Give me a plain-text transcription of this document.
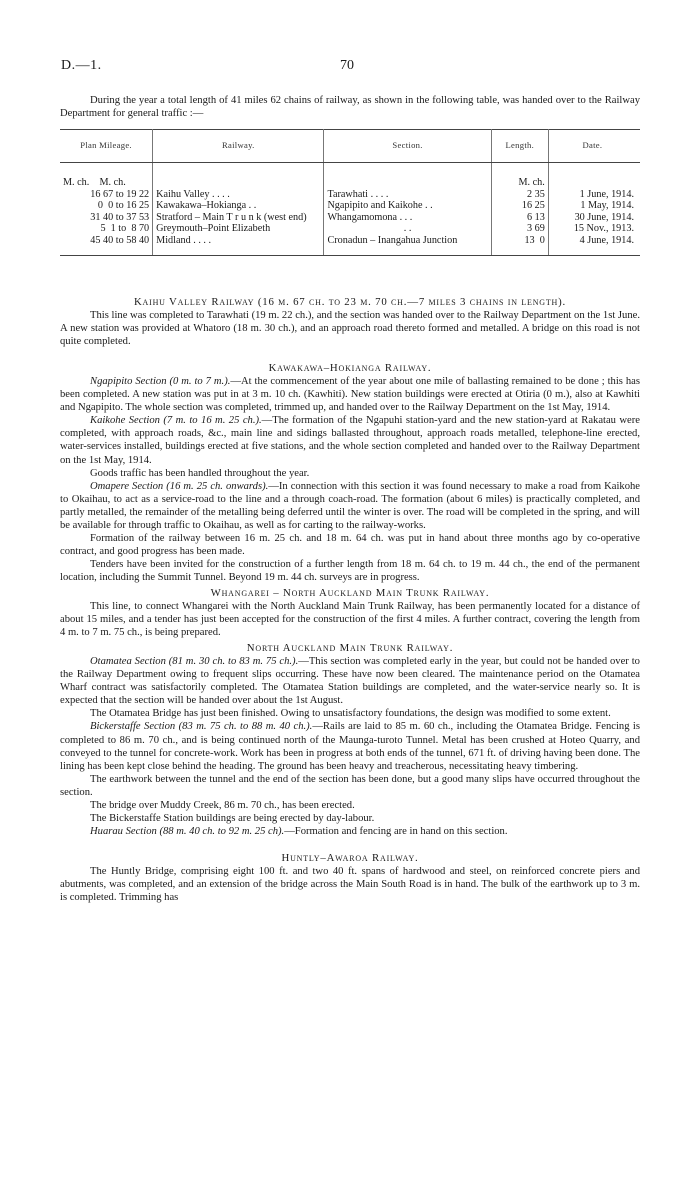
D.—1.	70

During the year a total length of 41 miles 62 chains of railway, as shown in the following table, was handed over to the Railway Department for general traffic :—

Plan Mileage.	Railway.	Section.	Length.	Date.
M. ch.    M. ch.			M. ch.	
16 67 to 19 22	Kaihu Valley . . . .	Tarawhati . . . .	2 35	1 June, 1914.
0  0 to 16 25	Kawakawa–Hokianga . .	Ngapipito and Kaikohe . .	16 25	1 May, 1914.
31 40 to 37 53	Stratford – Main T r u n k (west end)	Whangamomona . . .	6 13	30 June, 1914.
5  1 to  8 70	Greymouth–Point Elizabeth	. .	3 69	15 Nov., 1913.
45 40 to 58 40	Midland . . . .	Cronadun – Inangahua Junction	13  0	4 June, 1914.

Kaihu Valley Railway (16 m. 67 ch. to 23 m. 70 ch.—7 miles 3 chains in length).

This line was completed to Tarawhati (19 m. 22 ch.), and the section was handed over to the Railway Department on the 1st June. A new station was provided at Whatoro (18 m. 30 ch.), and an approach road thereto formed and metalled. A bridge on this road is not quite completed.

Kawakawa–Hokianga Railway.

Ngapipito Section (0 m. to 7 m.).—At the commencement of the year about one mile of ballasting remained to be done ; this has been completed. A new station was put in at 3 m. 10 ch. (Kawhiti). New station buildings were erected at Otiria (0 m.), also at Kawhiti and Ngapipito. The whole section was completed, trimmed up, and handed over to the Railway Department on the 1st May, 1914.

Kaikohe Section (7 m. to 16 m. 25 ch.).—The formation of the Ngapuhi station-yard and the new station-yard at Rakatau were completed, with approach roads, &c., main line and sidings ballasted throughout, approach roads metalled, telephone-line erected, water-services installed, buildings erected at five stations, and the whole section completed and handed over to the Railway Department on the 1st May, 1914.

Goods traffic has been handled throughout the year.

Omapere Section (16 m. 25 ch. onwards).—In connection with this section it was found necessary to make a road from Kaikohe to Okaihau, to act as a service-road to the line and a through coach-road. The formation (about 6 miles) is practically completed, and partly metalled, the remainder of the metalling being deferred until the winter is over. The road will be completed in the spring, and will be available for through traffic to Okaihau, as well as for carting to the railway-works.

Formation of the railway between 16 m. 25 ch. and 18 m. 64 ch. was put in hand about three months ago by co-operative contract, and good progress has been made.

Tenders have been invited for the construction of a further length from 18 m. 64 ch. to 19 m. 44 ch., the end of the permanent location, including the Summit Tunnel. Beyond 19 m. 44 ch. surveys are in progress.

Whangarei – North Auckland Main Trunk Railway.

This line, to connect Whangarei with the North Auckland Main Trunk Railway, has been permanently located for a distance of about 15 miles, and a tender has just been accepted for the construction of the first 4 miles. A further contract, covering the length from 4 m. to 7 m. 75 ch., is being prepared.

North Auckland Main Trunk Railway.

Otamatea Section (81 m. 30 ch. to 83 m. 75 ch.).—This section was completed early in the year, but could not be handed over to the Railway Department owing to frequent slips occurring. These have now been cleared. The maintenance period on the Otamatea Wharf contract was satisfactorily completed. The Otamatea Station buildings are completed, and the water-service nearly so. It is expected that the section will be handed over about the 1st August.

The Otamatea Bridge has just been finished. Owing to unsatisfactory foundations, the design was modified to some extent.

Bickerstaffe Section (83 m. 75 ch. to 88 m. 40 ch.).—Rails are laid to 85 m. 60 ch., including the Otamatea Bridge. Fencing is completed to 86 m. 70 ch., and is being continued north of the Maunga-turoto Tunnel. Metal has been crushed at Hoteo Quarry, and conveyed to the tunnel for concrete-work. Work has been in progress at both ends of the tunnel, 671 ft. of driving having been done. The lining has been kept close behind the heading. The ground has been heavy and treacherous, necessitating heavy timbering.

The earthwork between the tunnel and the end of the section has been done, but a good many slips have occurred throughout the section.

The bridge over Muddy Creek, 86 m. 70 ch., has been erected.

The Bickerstaffe Station buildings are being erected by day-labour.

Huarau Section (88 m. 40 ch. to 92 m. 25 ch).—Formation and fencing are in hand on this section.

Huntly–Awaroa Railway.

The Huntly Bridge, comprising eight 100 ft. and two 40 ft. spans of hardwood and steel, on reinforced concrete piers and abutments, was completed, and an extension of the bridge across the Main South Road is in hand. The bulk of the earthwork up to 3 m. is completed. Trimming has
